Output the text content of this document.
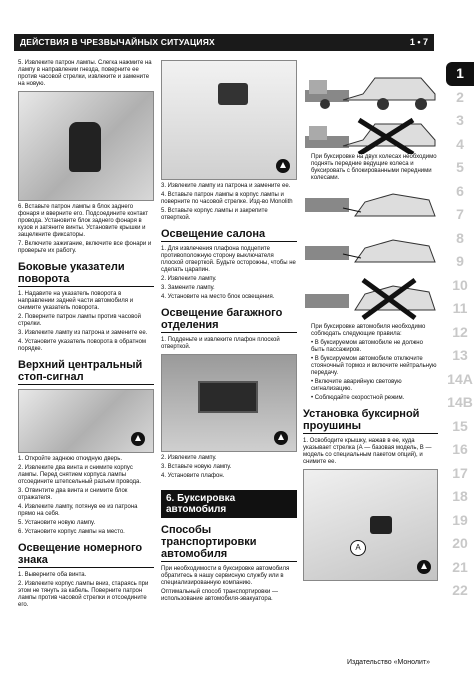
ДЕЙСТВИЯ В ЧРЕЗВЫЧАЙНЫХ СИТУАЦИЯХ	1 • 7

5. Извлеките патрон лампы. Слегка нажмите на лампу в направлении гнезда, поверните ее против часовой стрелки, извлеките и замените на новую.

6. Вставьте патрон лампы в блок заднего фонаря и вверните его. Подсоедините контакт провода. Установите блок заднего фонаря в кузов и затяните винты. Установите крышки и защелкните фиксаторы.

7. Включите зажигание, включите все фонари и проверьте их работу.

Боковые указатели поворота

1. Надавите на указатель поворота в направлении задней части автомобиля и снимите указатель поворота.

2. Поверните патрон лампы против часовой стрелки.

3. Извлеките лампу из патрона и замените ее.

4. Установите указатель поворота в обратном порядке.

Верхний центральный стоп-сигнал

1. Откройте заднюю откидную дверь.

2. Извлеките два винта и снимите корпус лампы. Перед снятием корпуса лампы отсоедините штепсельный разъем провода.

3. Отвинтите два винта и снимите блок отражателя.

4. Извлеките лампу, потянув ее из патрона прямо на себя.

5. Установите новую лампу.

6. Установите корпус лампы на место.

Освещение номерного знака

1. Выверните оба винта.

2. Извлеките корпус лампы вниз, стараясь при этом не тянуть за кабель. Поверните патрон лампы против часовой стрелки и отсоедините его.

3. Извлеките лампу из патрона и замените ее.

4. Вставьте патрон лампы в корпус лампы и поверните по часовой стрелке. Изд-во Monolith

5. Вставьте корпус лампы и закрепите отверткой.

Освещение салона

1. Для извлечения плафона подцепите противоположную сторону выключателя плоской отверткой. Будьте осторожны, чтобы не сделать царапин.

2. Извлеките лампу.

3. Замените лампу.

4. Установите на место блок освещения.

Освещение багажного отделения

1. Подденьте и извлеките плафон плоской отверткой.

2. Извлеките лампу.

3. Вставьте новую лампу.

4. Установите плафон.

6. Буксировка автомобиля
Способы транспортировки автомобиля

При необходимости в буксировке автомобиля обратитесь в нашу сервисную службу или в специализированную компанию.

Оптимальный способ транспортировки — использование автомобиля-эвакуатора.

При буксировке на двух колесах необходимо поднять передние ведущие колеса и буксировать с блокированными передними колесами.

При буксировке автомобиля необходимо соблюдать следующие правила:

• В буксируемом автомобиле не должно быть пассажиров.

• В буксируемом автомобиле отключите стояночный тормоз и включите нейтральную передачу.

• Включите аварийную световую сигнализацию.

• Соблюдайте скоростной режим.

Установка буксирной проушины

1. Освободите крышку, нажав в ее, куда указывает стрелка (А — базовая модель, В — модель со специальным пакетом опций), и снимите ее.

A
1
2
3
4
5
6
7
8
9
10
11
12
13
14A
14B
15
16
17
18
19
20
21
22
Издательство «Монолит»
